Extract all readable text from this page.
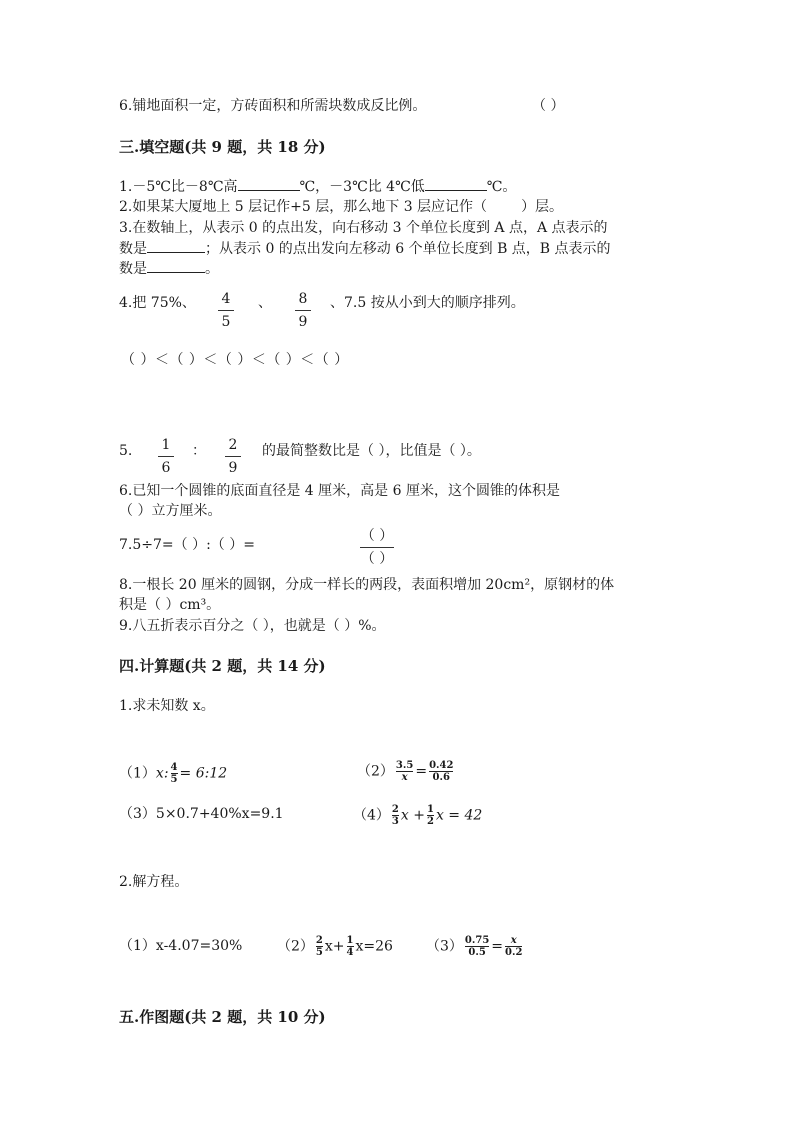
6.铺地面积一定，方砖面积和所需块数成反比例。	（ ）
三.填空题(共 9 题，共 18 分)
1.－5℃比－8℃高	℃，－3℃比 4℃低	℃。
2.如果某大厦地上 5 层记作+5 层，那么地下 3 层应记作（ ）层。
3.在数轴上，从表示 0 的点出发，向右移动 3 个单位长度到 A 点，A 点表示的
数是	；从表示 0 的点出发向左移动 6 个单位长度到 B 点，B 点表示的
数是	。
4.把 75%、 4
5
、 8
9
、7.5 按从小到大的顺序排列。
（ ）＜（ ）＜（ ）＜（ ）＜（ ）
5. 1
6
： 2
9
的最简整数比是（ ），比值是（ ）。
6.已知一个圆锥的底面直径是 4 厘米，高是 6 厘米，这个圆锥的体积是
（ ）立方厘米。
7.5÷7=（ ）:（ ）=
（ ）
（ ）
8.一根长 20 厘米的圆钢，分成一样长的两段，表面积增加 20cm²，原钢材的体
积是（ ）cm³。
9.八五折表示百分之（ ），也就是（ ）%。
四.计算题(共 2 题，共 14 分)
1.求未知数 x。
（1）x: $\frac{4}{5}$ = 6:12	$(2) \frac{3.5}{x} = \frac{0.42}{0.6}$
（3）5×0.7+40%x=9.1	$(4) \frac{2}{3}$ $x + \frac{1}{2}$ x = 42
2.解方程。
（1）x-4.07=30% $(2) \frac{2}{5} x+ \frac{1}{4} x=26$ $(3) \frac{0.75}{0.5} = \frac{x}{0.2}$
五.作图题(共 2 题，共 10 分)
